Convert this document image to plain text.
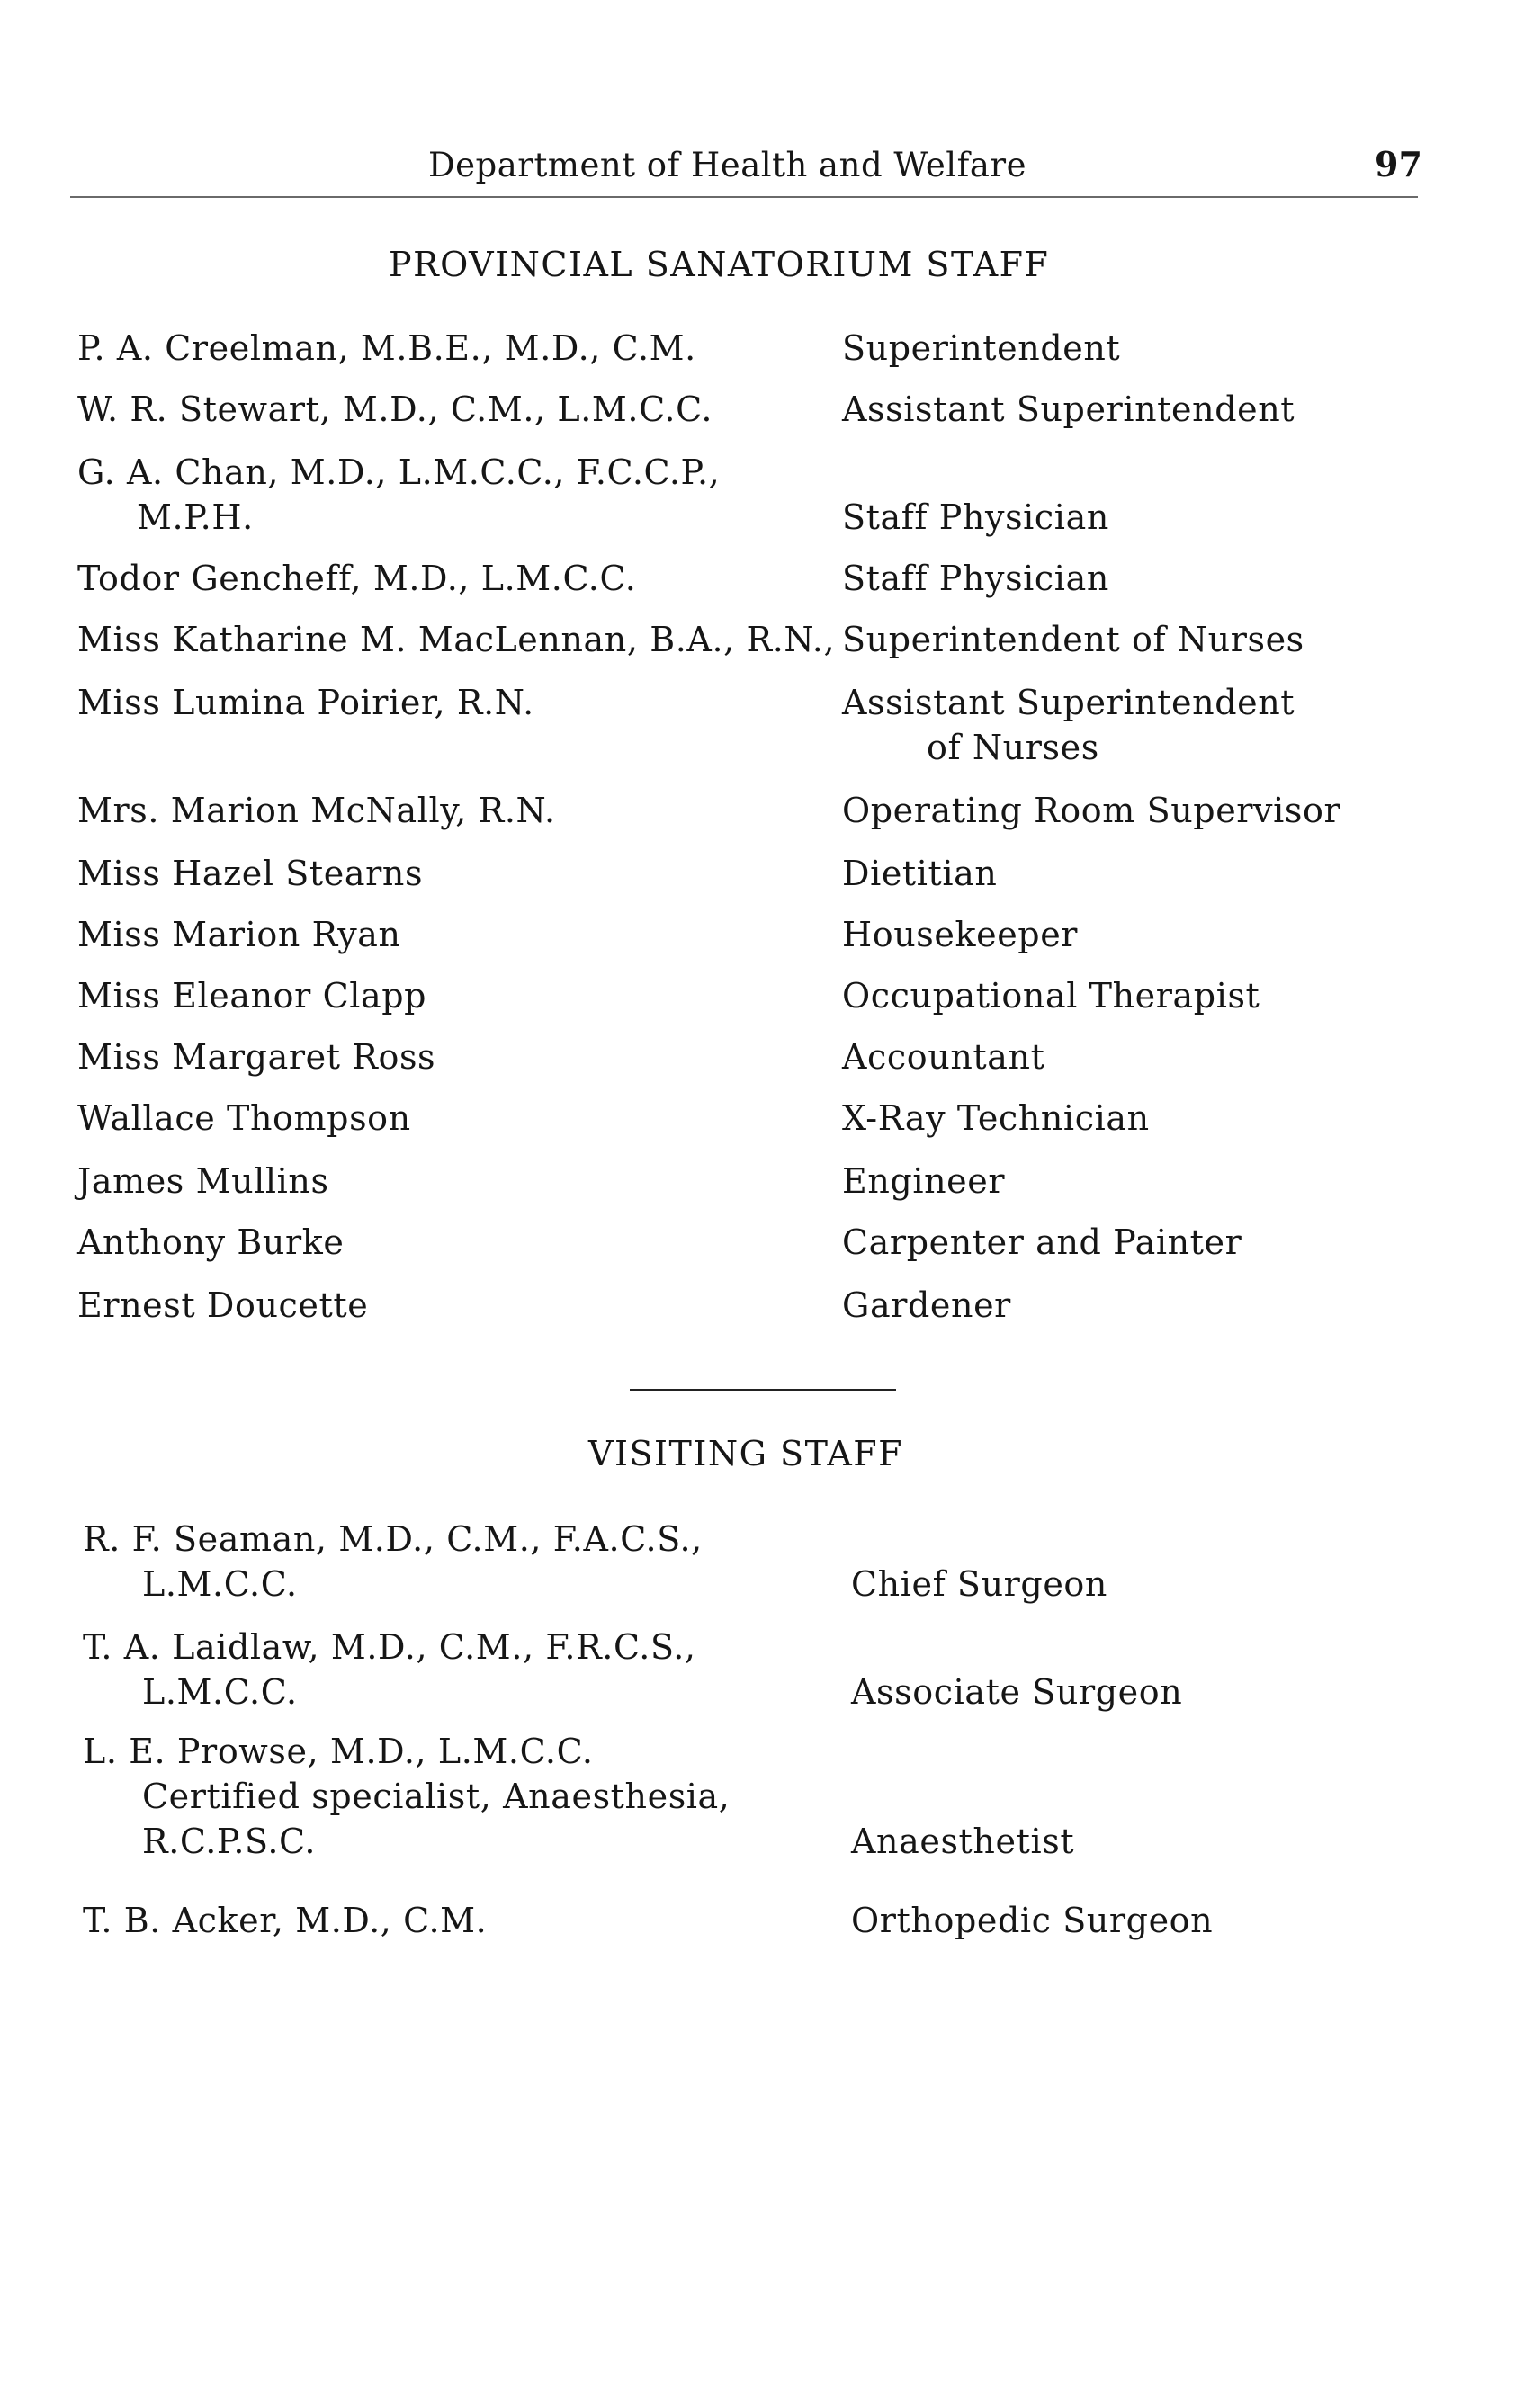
Department of Health and Welfare	97
PROVINCIAL SANATORIUM STAFF
P. A. Creelman, M.B.E., M.D., C.M.	Superintendent
W. R. Stewart, M.D., C.M., L.M.C.C.	Assistant Superintendent
G. A. Chan, M.D., L.M.C.C., F.C.C.P.,
M.P.H.	Staff Physician
Todor Gencheff, M.D., L.M.C.C.	Staff Physician
Miss Katharine M. MacLennan, B.A., R.N., Superintendent of Nurses
Miss Lumina Poirier, R.N.	Assistant Superintendent
of Nurses
Mrs. Marion McNally, R.N.	Operating Room Supervisor
Miss Hazel Stearns	Dietitian
Miss Marion Ryan	Housekeeper
Miss Eleanor Clapp	Occupational Therapist
Miss Margaret Ross	Accountant
Wallace Thompson	X-Ray Technician
James Mullins	Engineer
Anthony Burke	Carpenter and Painter
Ernest Doucette	Gardener
VISITING STAFF
R. F. Seaman, M.D., C.M., F.A.C.S.,
L.M.C.C.	Chief Surgeon
T. A. Laidlaw, M.D., C.M., F.R.C.S.,
L.M.C.C.	Associate Surgeon
L. E. Prowse, M.D., L.M.C.C.
Certified specialist, Anaesthesia,
R.C.P.S.C.	Anaesthetist
T. B. Acker, M.D., C.M.	Orthopedic Surgeon
